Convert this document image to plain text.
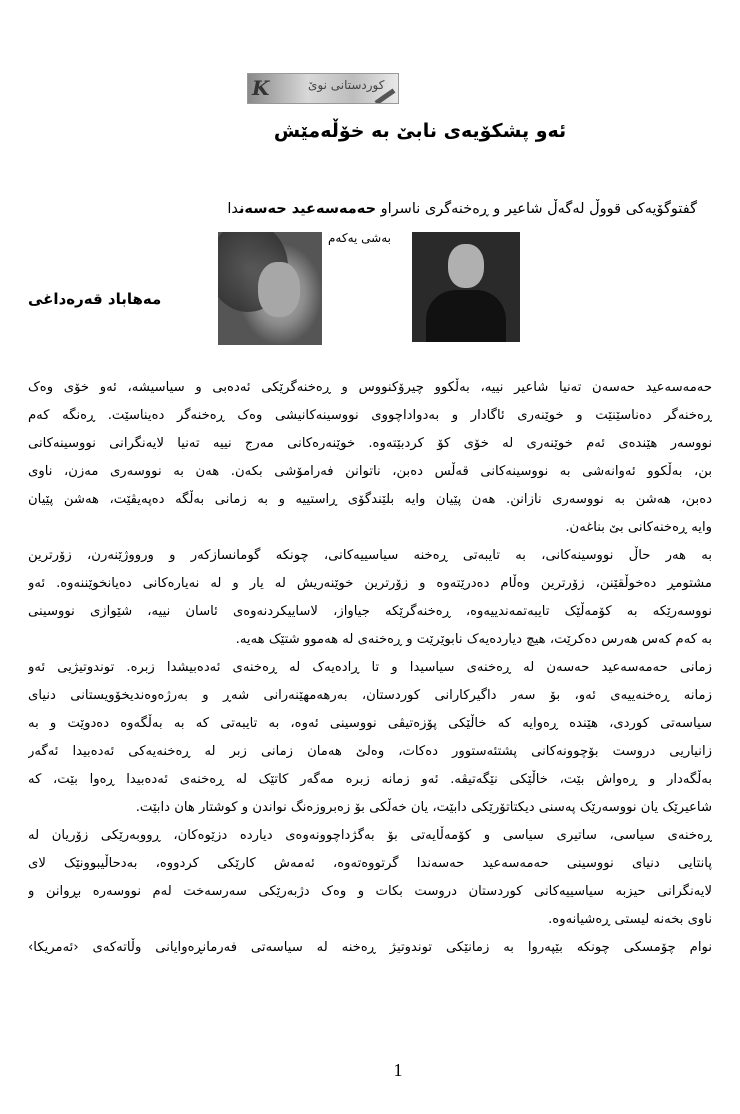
K	کوردستانی نوێ
ئەو پشکۆیەی نابێ بە خۆڵەمێش
گفتوگۆیەکی قووڵ لەگەڵ شاعیر و ڕەخنەگری ناسراو حەمەسەعید حەسەندا
بەشی یەکەم
مەهاباد قەرەداغی
حەمەسەعید حەسەن تەنیا شاعیر نییە، بەڵکوو چیرۆکنووس و ڕەخنەگرێکی ئەدەبی و سیاسیشە، ئەو خۆی وەک
ڕەخنەگر دەناسێنێت و خوێنەری ئاگادار و بەدواداچووی نووسینەکانیشی وەک ڕەخنەگر دەیناسێت. ڕەنگە کەم
نووسەر هێندەی ئەم خوێنەری لە خۆی کۆ کردبێتەوە. خوێنەرەکانی مەرج نییە تەنیا لایەنگرانی نووسینەکانی
بن، بەڵکوو ئەوانەشی بە نووسینەکانی قەڵس دەبن، ناتوانن فەرامۆشی بکەن. هەن بە نووسەری مەزن، ناوی
دەبن، هەشن بە نووسەری نازانن. هەن پێیان وایە بلێندگۆی ڕاستییە و بە زمانی بەڵگە دەپەیڤێت، هەشن پێیان
وایە ڕەخنەکانی بێ بناغەن.
بە هەر حاڵ نووسینەکانی، بە تایبەتی ڕەخنە سیاسییەکانی، چونکە گومانسازکەر و ورووژێنەرن، زۆرترین
مشتومڕ دەخوڵقێنن، زۆرترین وەڵام دەدرێتەوە و زۆرترین خوێنەریش لە یار و لە نەیارەکانی دەیانخوێننەوە. ئەو
نووسەرێکە بە کۆمەڵێک تایبەتمەندییەوە، ڕەخنەگرێکە جیاواز، لاساییکردنەوەی ئاسان نییە، شێوازی نووسینی
بە کەم کەس هەرس دەکرێت، هیچ دیاردەیەک نابوێرێت و ڕەخنەی لە هەموو شتێک هەیە.
زمانی حەمەسەعید حەسەن لە ڕەخنەی سیاسیدا و تا ڕادەیەک لە ڕەخنەی ئەدەبیشدا زبرە. توندوتیژیی ئەو
زمانە ڕەخنەییەی ئەو، بۆ سەر داگیرکارانی کوردستان، بەرهەمهێنەرانی شەڕ و بەرژەوەندیخۆویستانی دنیای
سیاسەتی کوردی، هێندە ڕەوایە کە خاڵێکی پۆزەتیڤی نووسینی ئەوە، بە تایبەتی کە بە بەڵگەوە دەدوێت و بە
زانیاریی دروست بۆچوونەکانی پشتئەستوور دەکات، وەلێ هەمان زمانی زبر لە ڕەخنەیەکی ئەدەبیدا ئەگەر
بەڵگەدار و ڕەواش بێت، خاڵێکی نێگەتیڤە. ئەو زمانە زبرە مەگەر کاتێک لە ڕەخنەی ئەدەبیدا ڕەوا بێت، کە
شاعیرێک یان نووسەرێک پەسنی دیکتاتۆرێکی دابێت، یان خەڵکی بۆ زەبروزەنگ نواندن و کوشتار هان دابێت.
ڕەخنەی سیاسی، ساتیری سیاسی و کۆمەڵایەتی بۆ بەگژداچوونەوەی دیاردە دزێوەکان، ڕووبەرێکی زۆریان لە
پانتایی دنیای نووسینی حەمەسەعید حەسەندا گرتووەتەوە، ئەمەش کارێکی کردووە، بەدحاڵیبوونێک لای
لایەنگرانی حیزبە سیاسییەکانی کوردستان دروست بکات و وەک دژبەرێکی سەرسەخت لەم نووسەرە بڕوانن و
ناوی بخەنە لیستی ڕەشیانەوە.
نوام چۆمسکی چونکە بێپەروا بە زمانێکی توندوتیژ ڕەخنە لە سیاسەتی فەرمانڕەوایانی وڵاتەکەی ‹ئەمریکا›
1
